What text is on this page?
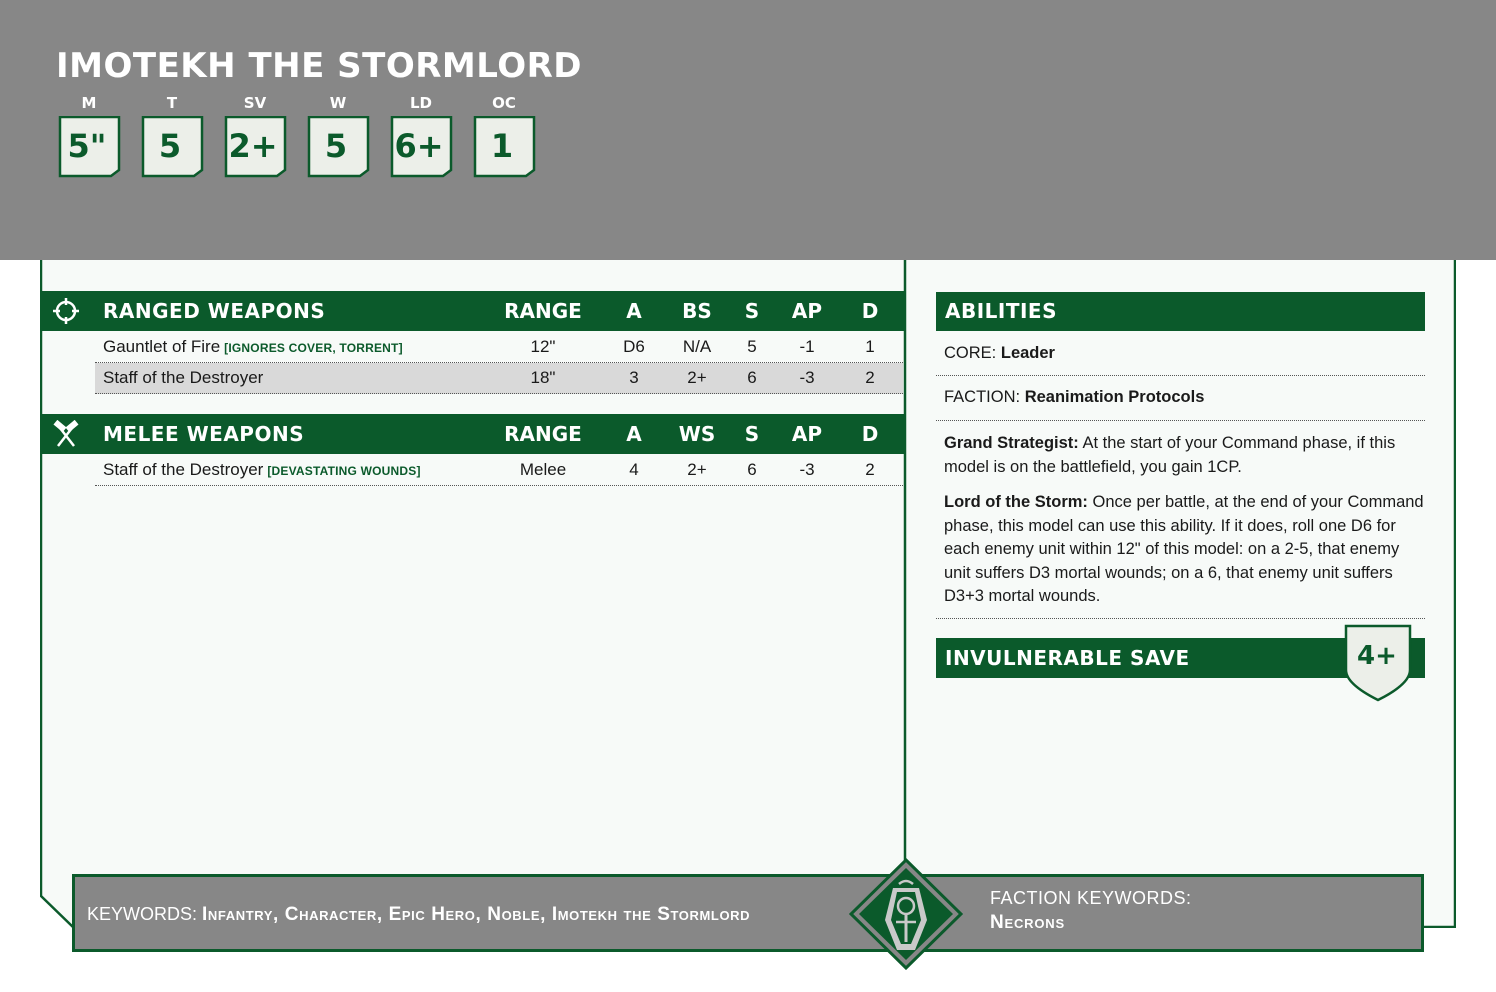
IMOTEKH THE STORMLORD
M
5"
T
5
SV
2+
W
5
LD
6+
OC
1
RANGED WEAPONS	RANGE	A	BS	S	AP	D
Gauntlet of Fire [IGNORES COVER, TORRENT]	12"	D6	N/A	5	-1	1
Staff of the Destroyer	18"	3	2+	6	-3	2
MELEE WEAPONS	RANGE	A	WS	S	AP	D
Staff of the Destroyer [DEVASTATING WOUNDS]	Melee	4	2+	6	-3	2
ABILITIES
CORE: Leader
FACTION: Reanimation Protocols
Grand Strategist: At the start of your Command phase, if this model is on the battlefield, you gain 1CP.
Lord of the Storm: Once per battle, at the end of your Command phase, this model can use this ability. If it does, roll one D6 for each enemy unit within 12" of this model: on a 2-5, that enemy unit suffers D3 mortal wounds; on a 6, that enemy unit suffers D3+3 mortal wounds.
INVULNERABLE SAVE	4+
KEYWORDS: Infantry, Character, Epic Hero, Noble, Imotekh the Stormlord
FACTION KEYWORDS:
Necrons
